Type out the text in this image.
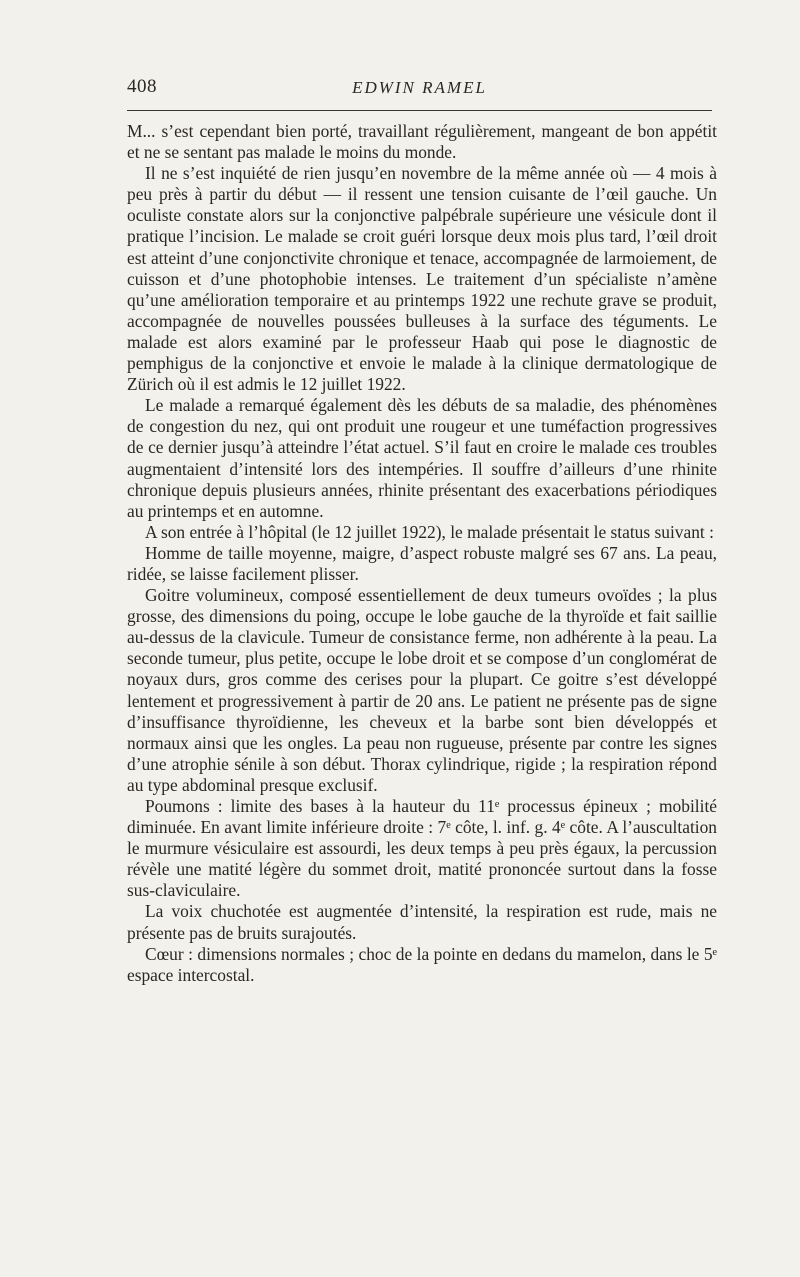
408	EDWIN RAMEL

M... s’est cependant bien porté, travaillant régulièrement, mangeant de bon appétit et ne se sentant pas malade le moins du monde.

Il ne s’est inquiété de rien jusqu’en novembre de la même année où — 4 mois à peu près à partir du début — il ressent une tension cuisante de l’œil gauche. Un oculiste constate alors sur la conjonctive palpébrale supérieure une vésicule dont il pratique l’incision. Le malade se croit guéri lorsque deux mois plus tard, l’œil droit est atteint d’une conjonctivite chronique et tenace, accompagnée de larmoiement, de cuisson et d’une photophobie intenses. Le traitement d’un spécialiste n’amène qu’une amélioration temporaire et au printemps 1922 une rechute grave se produit, accompagnée de nouvelles poussées bulleuses à la surface des téguments. Le malade est alors examiné par le professeur Haab qui pose le diagnostic de pemphigus de la conjonctive et envoie le malade à la clinique dermatologique de Zürich où il est admis le 12 juillet 1922.

Le malade a remarqué également dès les débuts de sa maladie, des phénomènes de congestion du nez, qui ont produit une rougeur et une tuméfaction progressives de ce dernier jusqu’à atteindre l’état actuel. S’il faut en croire le malade ces troubles augmentaient d’intensité lors des intempéries. Il souffre d’ailleurs d’une rhinite chronique depuis plusieurs années, rhinite présentant des exacerbations périodiques au printemps et en automne.

A son entrée à l’hôpital (le 12 juillet 1922), le malade présentait le status suivant :

Homme de taille moyenne, maigre, d’aspect robuste malgré ses 67 ans. La peau, ridée, se laisse facilement plisser.

Goitre volumineux, composé essentiellement de deux tumeurs ovoïdes ; la plus grosse, des dimensions du poing, occupe le lobe gauche de la thyroïde et fait saillie au-dessus de la clavicule. Tumeur de consistance ferme, non adhérente à la peau. La seconde tumeur, plus petite, occupe le lobe droit et se compose d’un conglomérat de noyaux durs, gros comme des cerises pour la plupart. Ce goitre s’est développé lentement et progressivement à partir de 20 ans. Le patient ne présente pas de signe d’insuffisance thyroïdienne, les cheveux et la barbe sont bien développés et normaux ainsi que les ongles. La peau non rugueuse, présente par contre les signes d’une atrophie sénile à son début. Thorax cylindrique, rigide ; la respiration répond au type abdominal presque exclusif.

Poumons : limite des bases à la hauteur du 11ᵉ processus épineux ; mobilité diminuée. En avant limite inférieure droite : 7ᵉ côte, l. inf. g. 4ᵉ côte. A l’auscultation le murmure vésiculaire est assourdi, les deux temps à peu près égaux, la percussion révèle une matité légère du sommet droit, matité prononcée surtout dans la fosse sus-claviculaire.

La voix chuchotée est augmentée d’intensité, la respiration est rude, mais ne présente pas de bruits surajoutés.

Cœur : dimensions normales ; choc de la pointe en dedans du mamelon, dans le 5ᵉ espace intercostal.
